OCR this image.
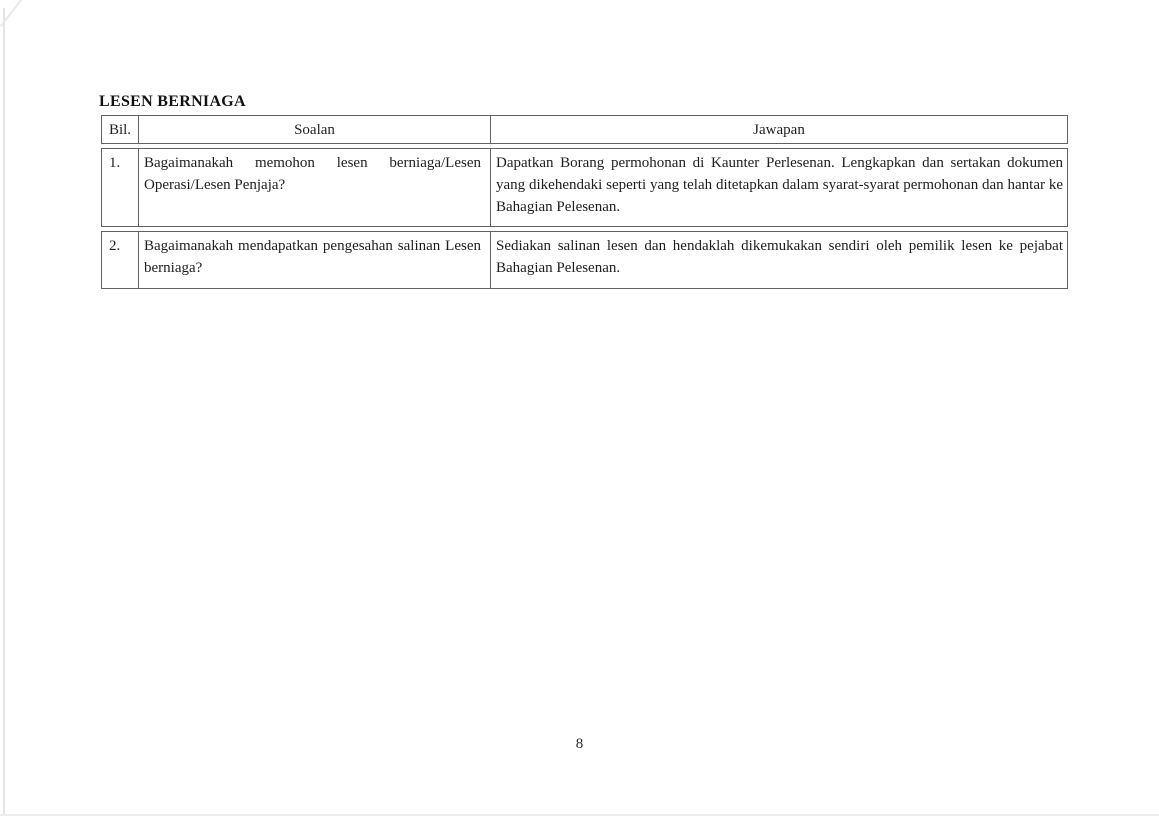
LESEN BERNIAGA
Bil.	Soalan	Jawapan
1.	Bagaimanakah memohon lesen berniaga/Lesen Operasi/Lesen Penjaja?	Dapatkan Borang permohonan di Kaunter Perlesenan. Lengkapkan dan sertakan dokumen yang dikehendaki seperti yang telah ditetapkan dalam syarat-syarat permohonan dan hantar ke Bahagian Pelesenan.
2.	Bagaimanakah mendapatkan pengesahan salinan Lesen berniaga?	Sediakan salinan lesen dan hendaklah dikemukakan sendiri oleh pemilik lesen ke pejabat Bahagian Pelesenan.
8
